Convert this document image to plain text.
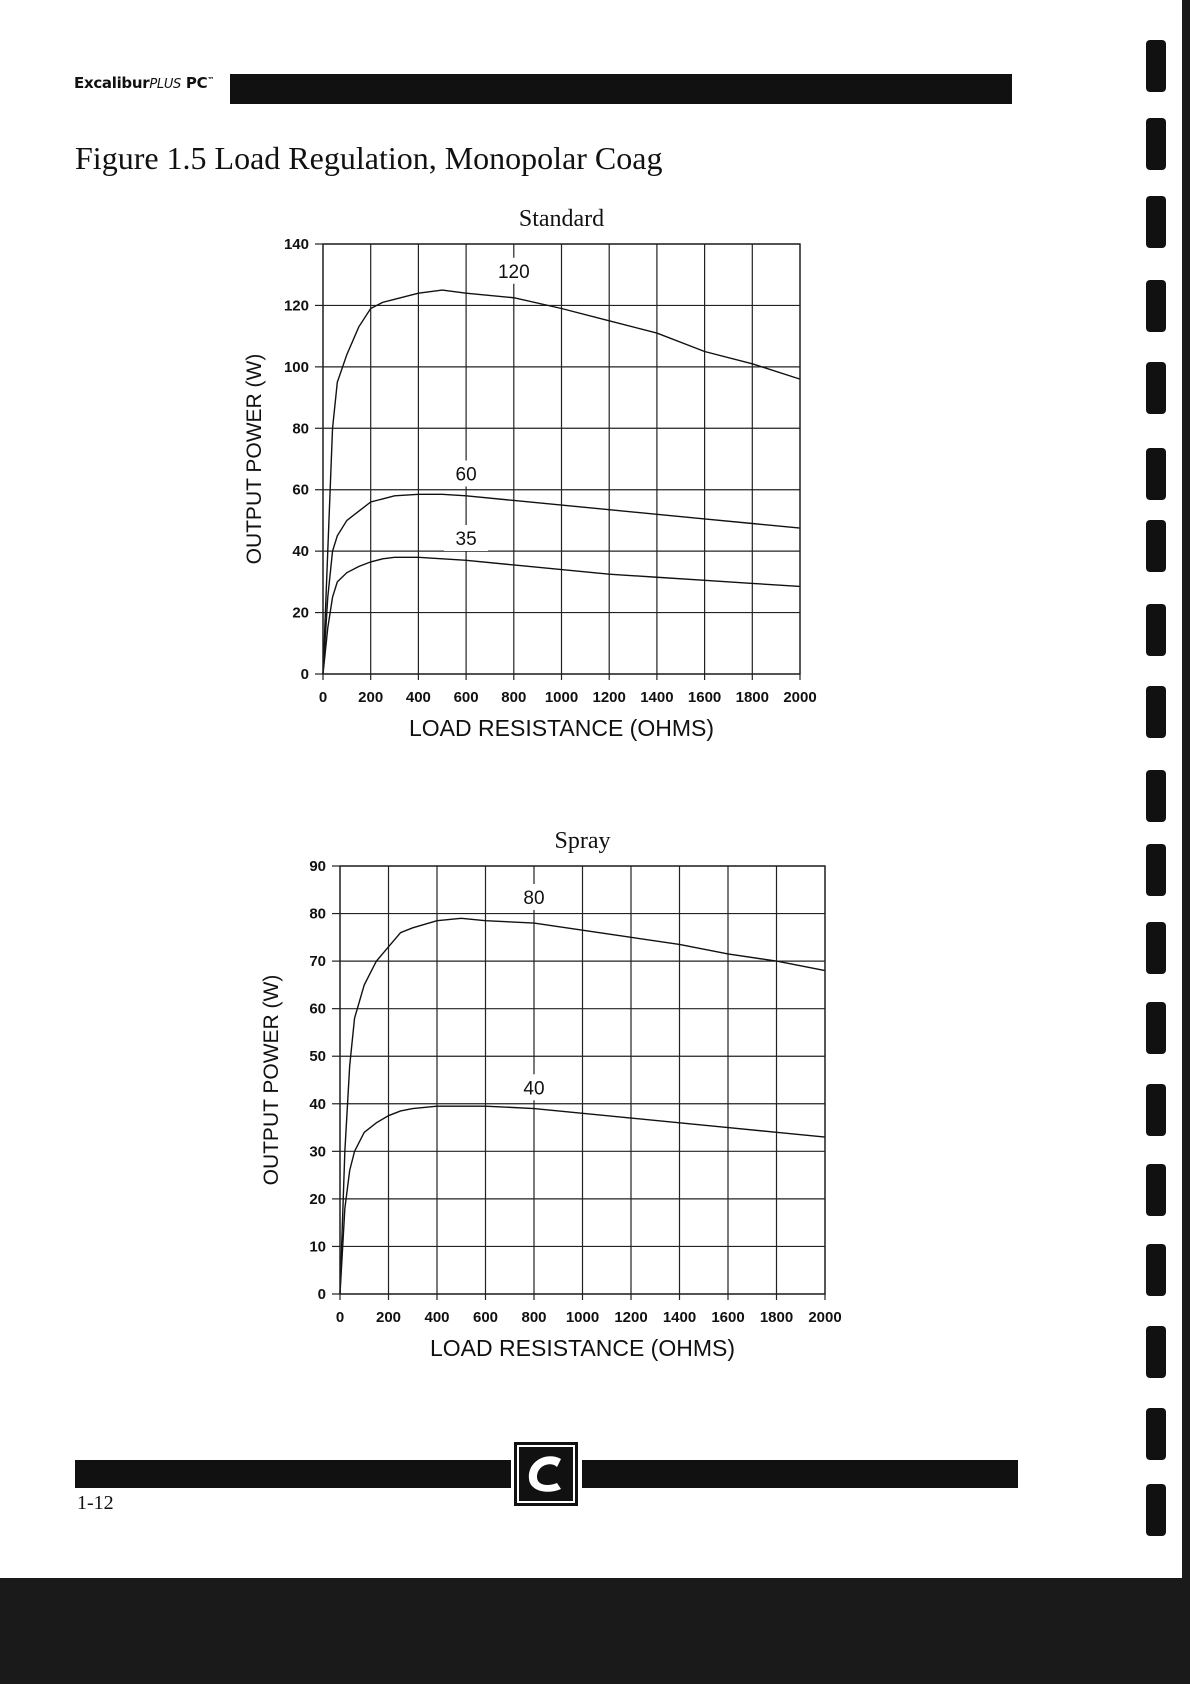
ExcaliburPLUS PC™
Figure 1.5 Load Regulation, Monopolar Coag
Standard
0 200 400 600 800 1000 1200 1400 1600 1800 2000
0
20
40
60
80
100
120
140
LOAD RESISTANCE (OHMS)
OUTPUT POWER (W)
120
60
35
Spray
0 200 400 600 800 1000 1200 1400 1600 1800 2000
0
10
20
30
40
50
60
70
80
90
LOAD RESISTANCE (OHMS)
OUTPUT POWER (W)
80
40
1-12
